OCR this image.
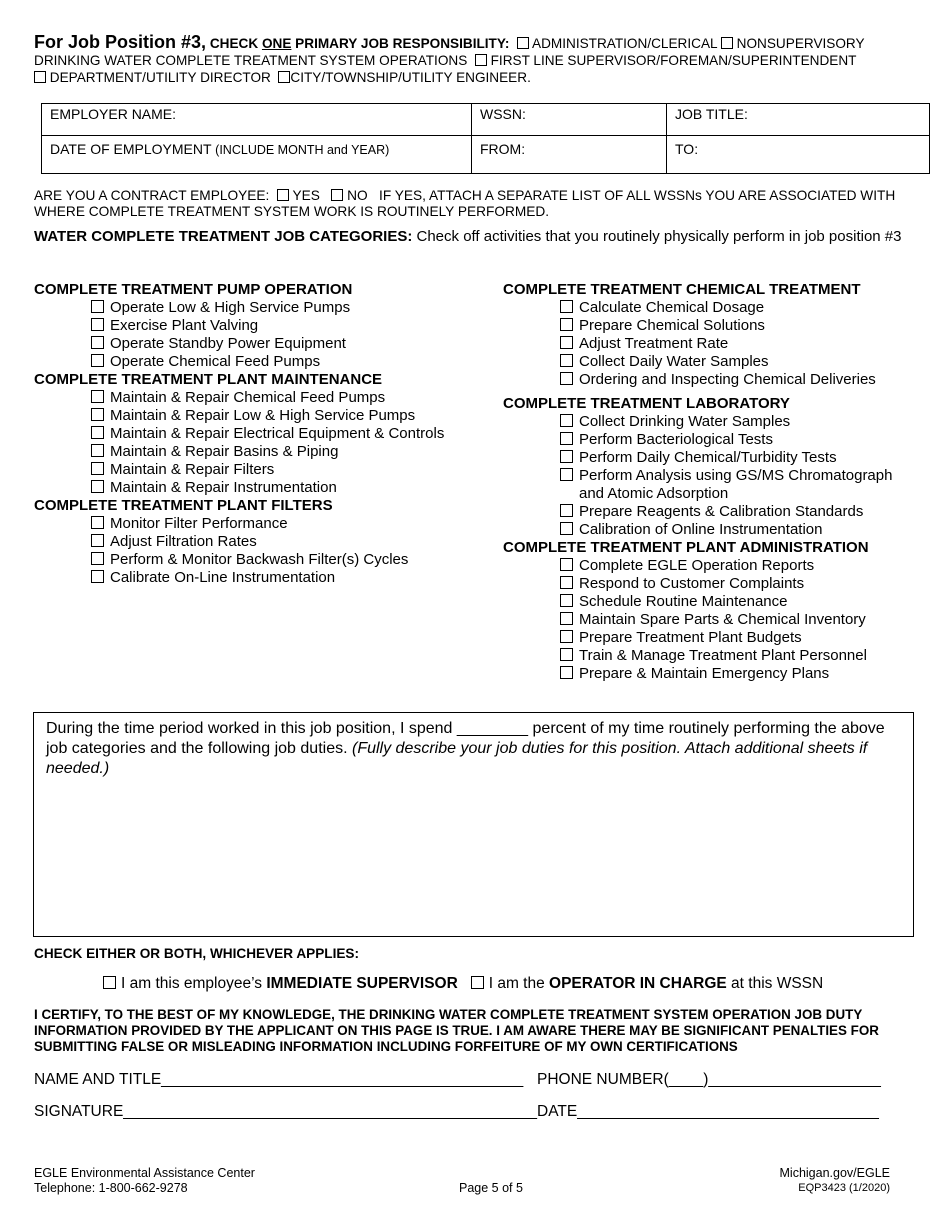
For Job Position #3, CHECK ONE PRIMARY JOB RESPONSIBILITY: ADMINISTRATION/CLERICAL NONSUPERVISORY
DRINKING WATER COMPLETE TREATMENT SYSTEM OPERATIONS FIRST LINE SUPERVISOR/FOREMAN/SUPERINTENDENT
DEPARTMENT/UTILITY DIRECTOR CITY/TOWNSHIP/UTILITY ENGINEER.
EMPLOYER NAME:	WSSN:	JOB TITLE:
DATE OF EMPLOYMENT (INCLUDE MONTH and YEAR)	FROM:	TO:
ARE YOU A CONTRACT EMPLOYEE: YES NO IF YES, ATTACH A SEPARATE LIST OF ALL WSSNs YOU ARE ASSOCIATED WITH WHERE COMPLETE TREATMENT SYSTEM WORK IS ROUTINELY PERFORMED.
WATER COMPLETE TREATMENT JOB CATEGORIES: Check off activities that you routinely physically perform in job position #3
COMPLETE TREATMENT PUMP OPERATION
Operate Low & High Service Pumps
Exercise Plant Valving
Operate Standby Power Equipment
Operate Chemical Feed Pumps
COMPLETE TREATMENT PLANT MAINTENANCE
Maintain & Repair Chemical Feed Pumps
Maintain & Repair Low & High Service Pumps
Maintain & Repair Electrical Equipment & Controls
Maintain & Repair Basins & Piping
Maintain & Repair Filters
Maintain & Repair Instrumentation
COMPLETE TREATMENT PLANT FILTERS
Monitor Filter Performance
Adjust Filtration Rates
Perform & Monitor Backwash Filter(s) Cycles
Calibrate On-Line Instrumentation
COMPLETE TREATMENT CHEMICAL TREATMENT
Calculate Chemical Dosage
Prepare Chemical Solutions
Adjust Treatment Rate
Collect Daily Water Samples
Ordering and Inspecting Chemical Deliveries
COMPLETE TREATMENT LABORATORY
Collect Drinking Water Samples
Perform Bacteriological Tests
Perform Daily Chemical/Turbidity Tests
Perform Analysis using GS/MS Chromatograph
and Atomic Adsorption
Prepare Reagents & Calibration Standards
Calibration of Online Instrumentation
COMPLETE TREATMENT PLANT ADMINISTRATION
Complete EGLE Operation Reports
Respond to Customer Complaints
Schedule Routine Maintenance
Maintain Spare Parts & Chemical Inventory
Prepare Treatment Plant Budgets
Train & Manage Treatment Plant Personnel
Prepare & Maintain Emergency Plans
During the time period worked in this job position, I spend ________ percent of my time routinely performing the above job categories and the following job duties. (Fully describe your job duties for this position. Attach additional sheets if needed.)
CHECK EITHER OR BOTH, WHICHEVER APPLIES:
I am this employee’s IMMEDIATE SUPERVISOR I am the OPERATOR IN CHARGE at this WSSN
I CERTIFY, TO THE BEST OF MY KNOWLEDGE, THE DRINKING WATER COMPLETE TREATMENT SYSTEM OPERATION JOB DUTY INFORMATION PROVIDED BY THE APPLICANT ON THIS PAGE IS TRUE. I AM AWARE THERE MAY BE SIGNIFICANT PENALTIES FOR SUBMITTING FALSE OR MISLEADING INFORMATION INCLUDING FORFEITURE OF MY OWN CERTIFICATIONS
NAME AND TITLE__________________________________________ PHONE NUMBER(____)____________________
SIGNATURE________________________________________________ DATE___________________________________
EGLE Environmental Assistance Center
Telephone: 1-800-662-9278	Page 5 of 5
Michigan.gov/EGLE
EQP3423 (1/2020)
